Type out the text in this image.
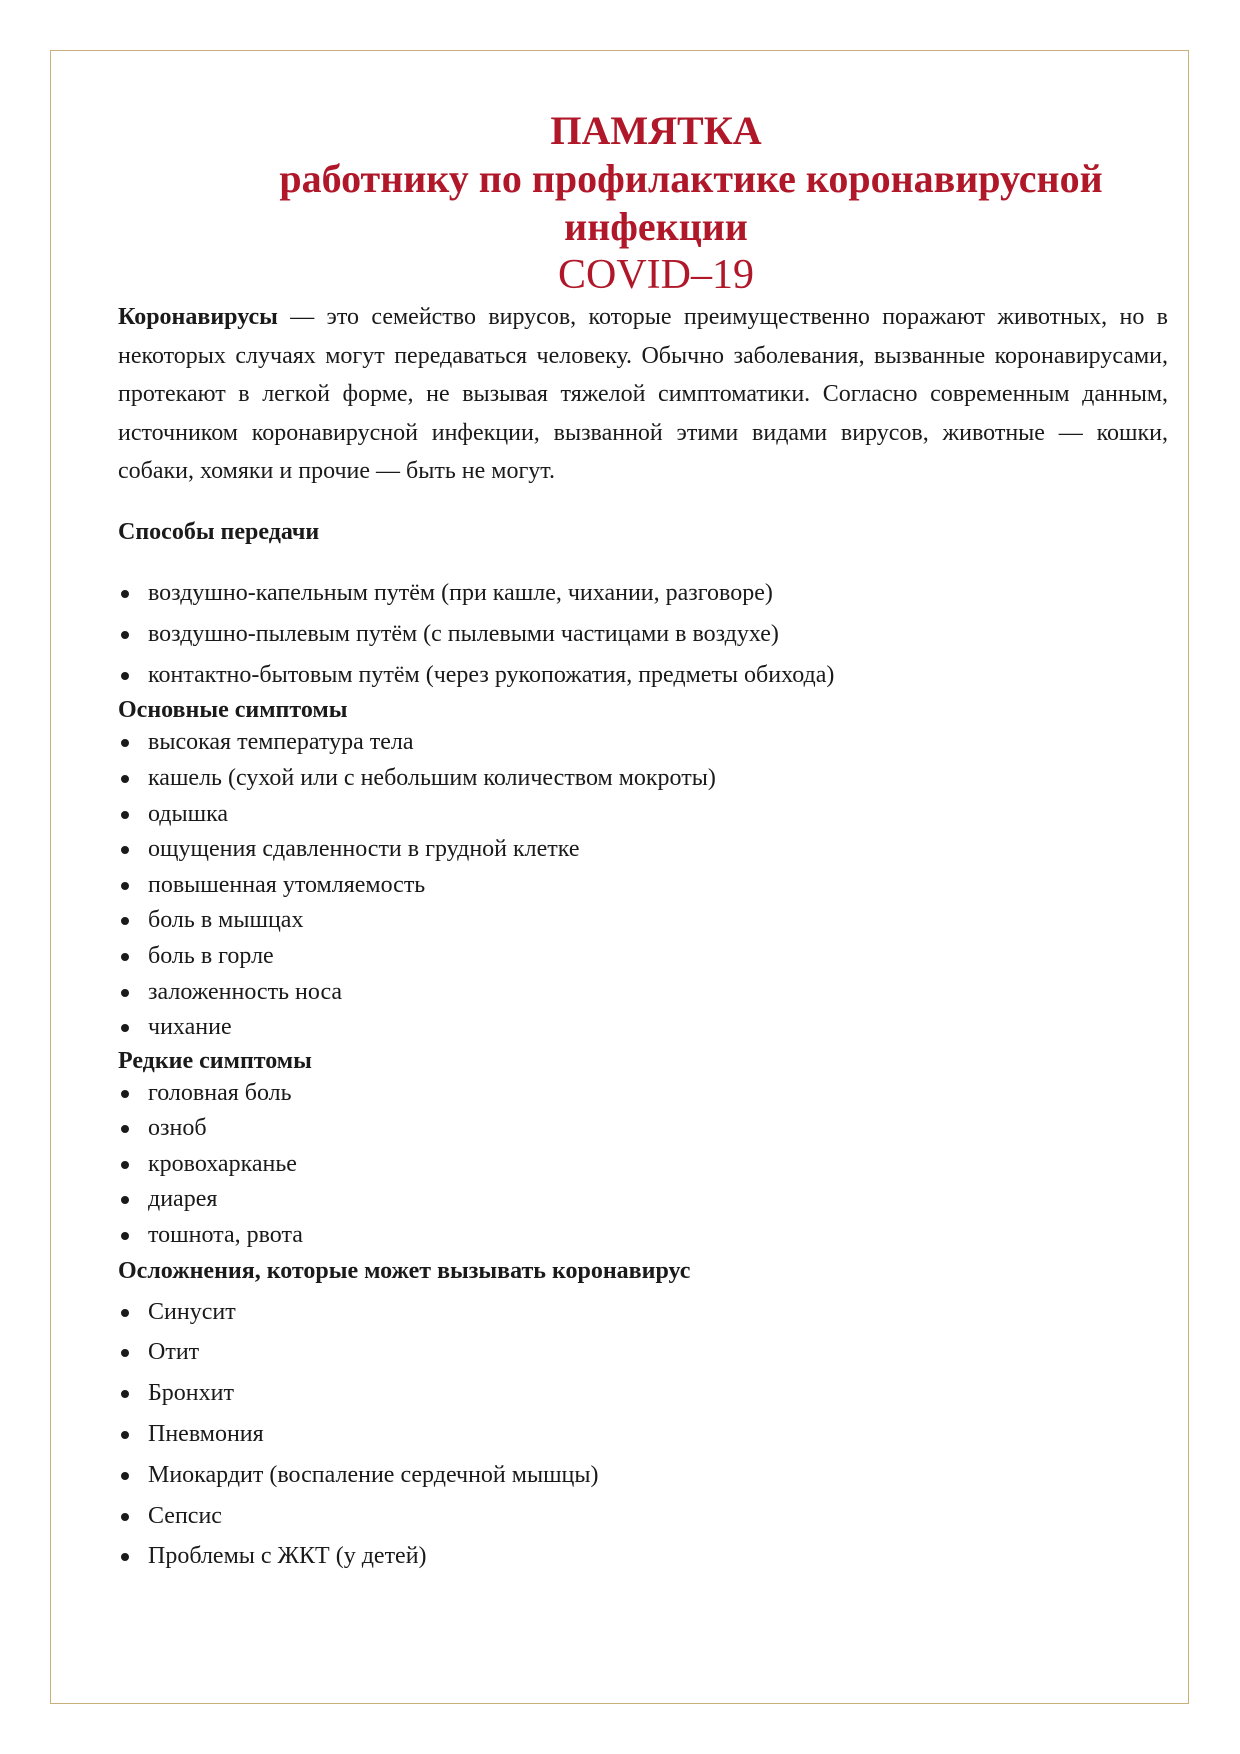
ПАМЯТКА
работнику по профилактике коронавирусной
инфекции
COVID–19

Коронавирусы — это семейство вирусов, которые преимущественно поражают животных, но в некоторых случаях могут передаваться человеку. Обычно заболевания, вызванные коронавирусами, протекают в легкой форме, не вызывая тяжелой симптоматики. Согласно современным данным, источником коронавирусной инфекции, вызванной этими видами вирусов, животные — кошки, собаки, хомяки и прочие — быть не могут.

Способы передачи
воздушно-капельным путём (при кашле, чихании, разговоре)
воздушно-пылевым путём (с пылевыми частицами в воздухе)
контактно-бытовым путём (через рукопожатия, предметы обихода)
Основные симптомы
высокая температура тела
кашель (сухой или с небольшим количеством мокроты)
одышка
ощущения сдавленности в грудной клетке
повышенная утомляемость
боль в мышцах
боль в горле
заложенность носа
чихание
Редкие симптомы
головная боль
озноб
кровохарканье
диарея
тошнота, рвота
Осложнения, которые может вызывать коронавирус
Синусит
Отит
Бронхит
Пневмония
Миокардит (воспаление сердечной мышцы)
Сепсис
Проблемы с ЖКТ (у детей)
